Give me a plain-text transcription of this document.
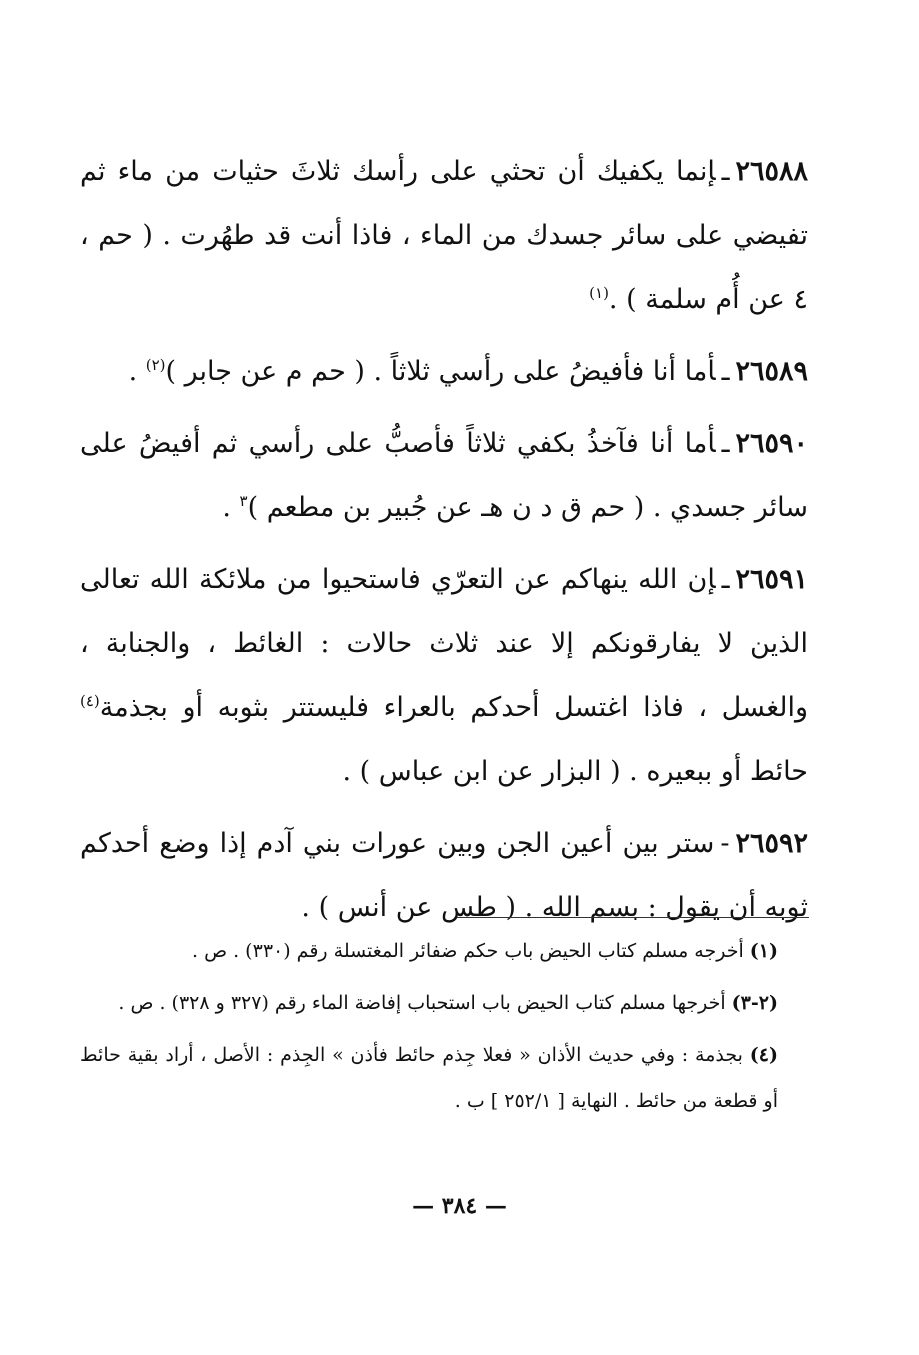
٢٦٥٨٨ـإنما يكفيك أن تحثي على رأسك ثلاثَ حثيات من ماء ثم تفيضي على سائر جسدك من الماء ، فاذا أنت قد طهُرت . ( حم ، ٤ عن أُم سلمة ) .$^{(١)}$

٢٦٥٨٩ـأما أنا فأفيضُ على رأسي ثلاثاً . ( حم م عن جابر )$^{(٢)}$ .

٢٦٥٩٠ـأما أنا فآخذُ بكفي ثلاثاً فأصبُّ على رأسي ثم أفيضُ على سائر جسدي . ( حم ق د ن هـ عن جُبير بن مطعم )$^٣$ .

٢٦٥٩١ـإن الله ينهاكم عن التعرّي فاستحيوا من ملائكة الله تعالى الذين لا يفارقونكم إلا عند ثلاث حالات : الغائط ، والجنابة ، والغسل ، فاذا اغتسل أحدكم بالعراء فليستتر بثوبه أو بجذمة$^{(٤)}$ حائط أو ببعيره . ( البزار عن ابن عباس ) .

٢٦٥٩٢-ستر بين أعين الجن وبين عورات بني آدم إذا وضع أحدكم ثوبه أن يقول : بسم الله . ( طس عن أنس ) .

(١) أخرجه مسلم كتاب الحيض باب حكم ضفائر المغتسلة رقم (٣٣٠) . ص .

(٢-٣) أخرجها مسلم كتاب الحيض باب استحباب إفاضة الماء رقم (٣٢٧ و ٣٢٨) . ص .

(٤) بجذمة : وفي حديث الأذان « فعلا جِذم حائط فأذن » الجِذم : الأصل ، أراد بقية حائط أو قطعة من حائط . النهاية [ ٢٥٢/١ ] ب .

— ٣٨٤ —
